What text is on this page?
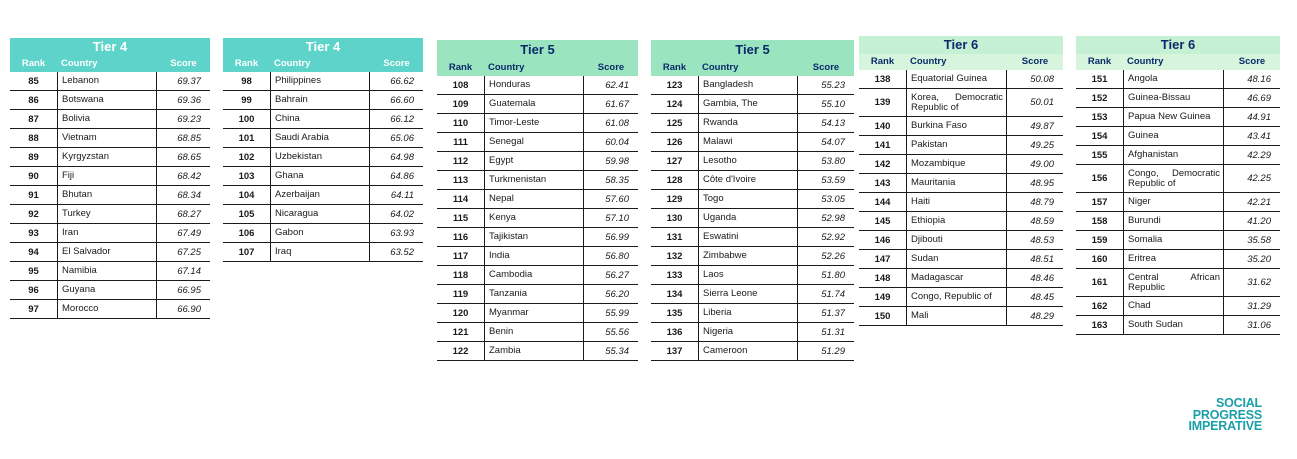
Tier 4
Rank	Country	Score
85	Lebanon	69.37
86	Botswana	69.36
87	Bolivia	69.23
88	Vietnam	68.85
89	Kyrgyzstan	68.65
90	Fiji	68.42
91	Bhutan	68.34
92	Turkey	68.27
93	Iran	67.49
94	El Salvador	67.25
95	Namibia	67.14
96	Guyana	66.95
97	Morocco	66.90
Tier 4
Rank	Country	Score
98	Philippines	66.62
99	Bahrain	66.60
100	China	66.12
101	Saudi Arabia	65.06
102	Uzbekistan	64.98
103	Ghana	64.86
104	Azerbaijan	64.11
105	Nicaragua	64.02
106	Gabon	63.93
107	Iraq	63.52
Tier 5
Rank	Country	Score
108	Honduras	62.41
109	Guatemala	61.67
110	Timor-Leste	61.08
111	Senegal	60.04
112	Egypt	59.98
113	Turkmenistan	58.35
114	Nepal	57.60
115	Kenya	57.10
116	Tajikistan	56.99
117	India	56.80
118	Cambodia	56.27
119	Tanzania	56.20
120	Myanmar	55.99
121	Benin	55.56
122	Zambia	55.34
Tier 5
Rank	Country	Score
123	Bangladesh	55.23
124	Gambia, The	55.10
125	Rwanda	54.13
126	Malawi	54.07
127	Lesotho	53.80
128	Côte d'Ivoire	53.59
129	Togo	53.05
130	Uganda	52.98
131	Eswatini	52.92
132	Zimbabwe	52.26
133	Laos	51.80
134	Sierra Leone	51.74
135	Liberia	51.37
136	Nigeria	51.31
137	Cameroon	51.29
Tier 6
Rank	Country	Score
138	Equatorial Guinea	50.08
139	Korea, Democratic Republic of	50.01
140	Burkina Faso	49.87
141	Pakistan	49.25
142	Mozambique	49.00
143	Mauritania	48.95
144	Haiti	48.79
145	Ethiopia	48.59
146	Djibouti	48.53
147	Sudan	48.51
148	Madagascar	48.46
149	Congo, Republic of	48.45
150	Mali	48.29
Tier 6
Rank	Country	Score
151	Angola	48.16
152	Guinea-Bissau	46.69
153	Papua New Guinea	44.91
154	Guinea	43.41
155	Afghanistan	42.29
156	Congo, Democratic Republic of	42.25
157	Niger	42.21
158	Burundi	41.20
159	Somalia	35.58
160	Eritrea	35.20
161	Central African Republic	31.62
162	Chad	31.29
163	South Sudan	31.06
SOCIAL
PROGRESS
IMPERATIVE
